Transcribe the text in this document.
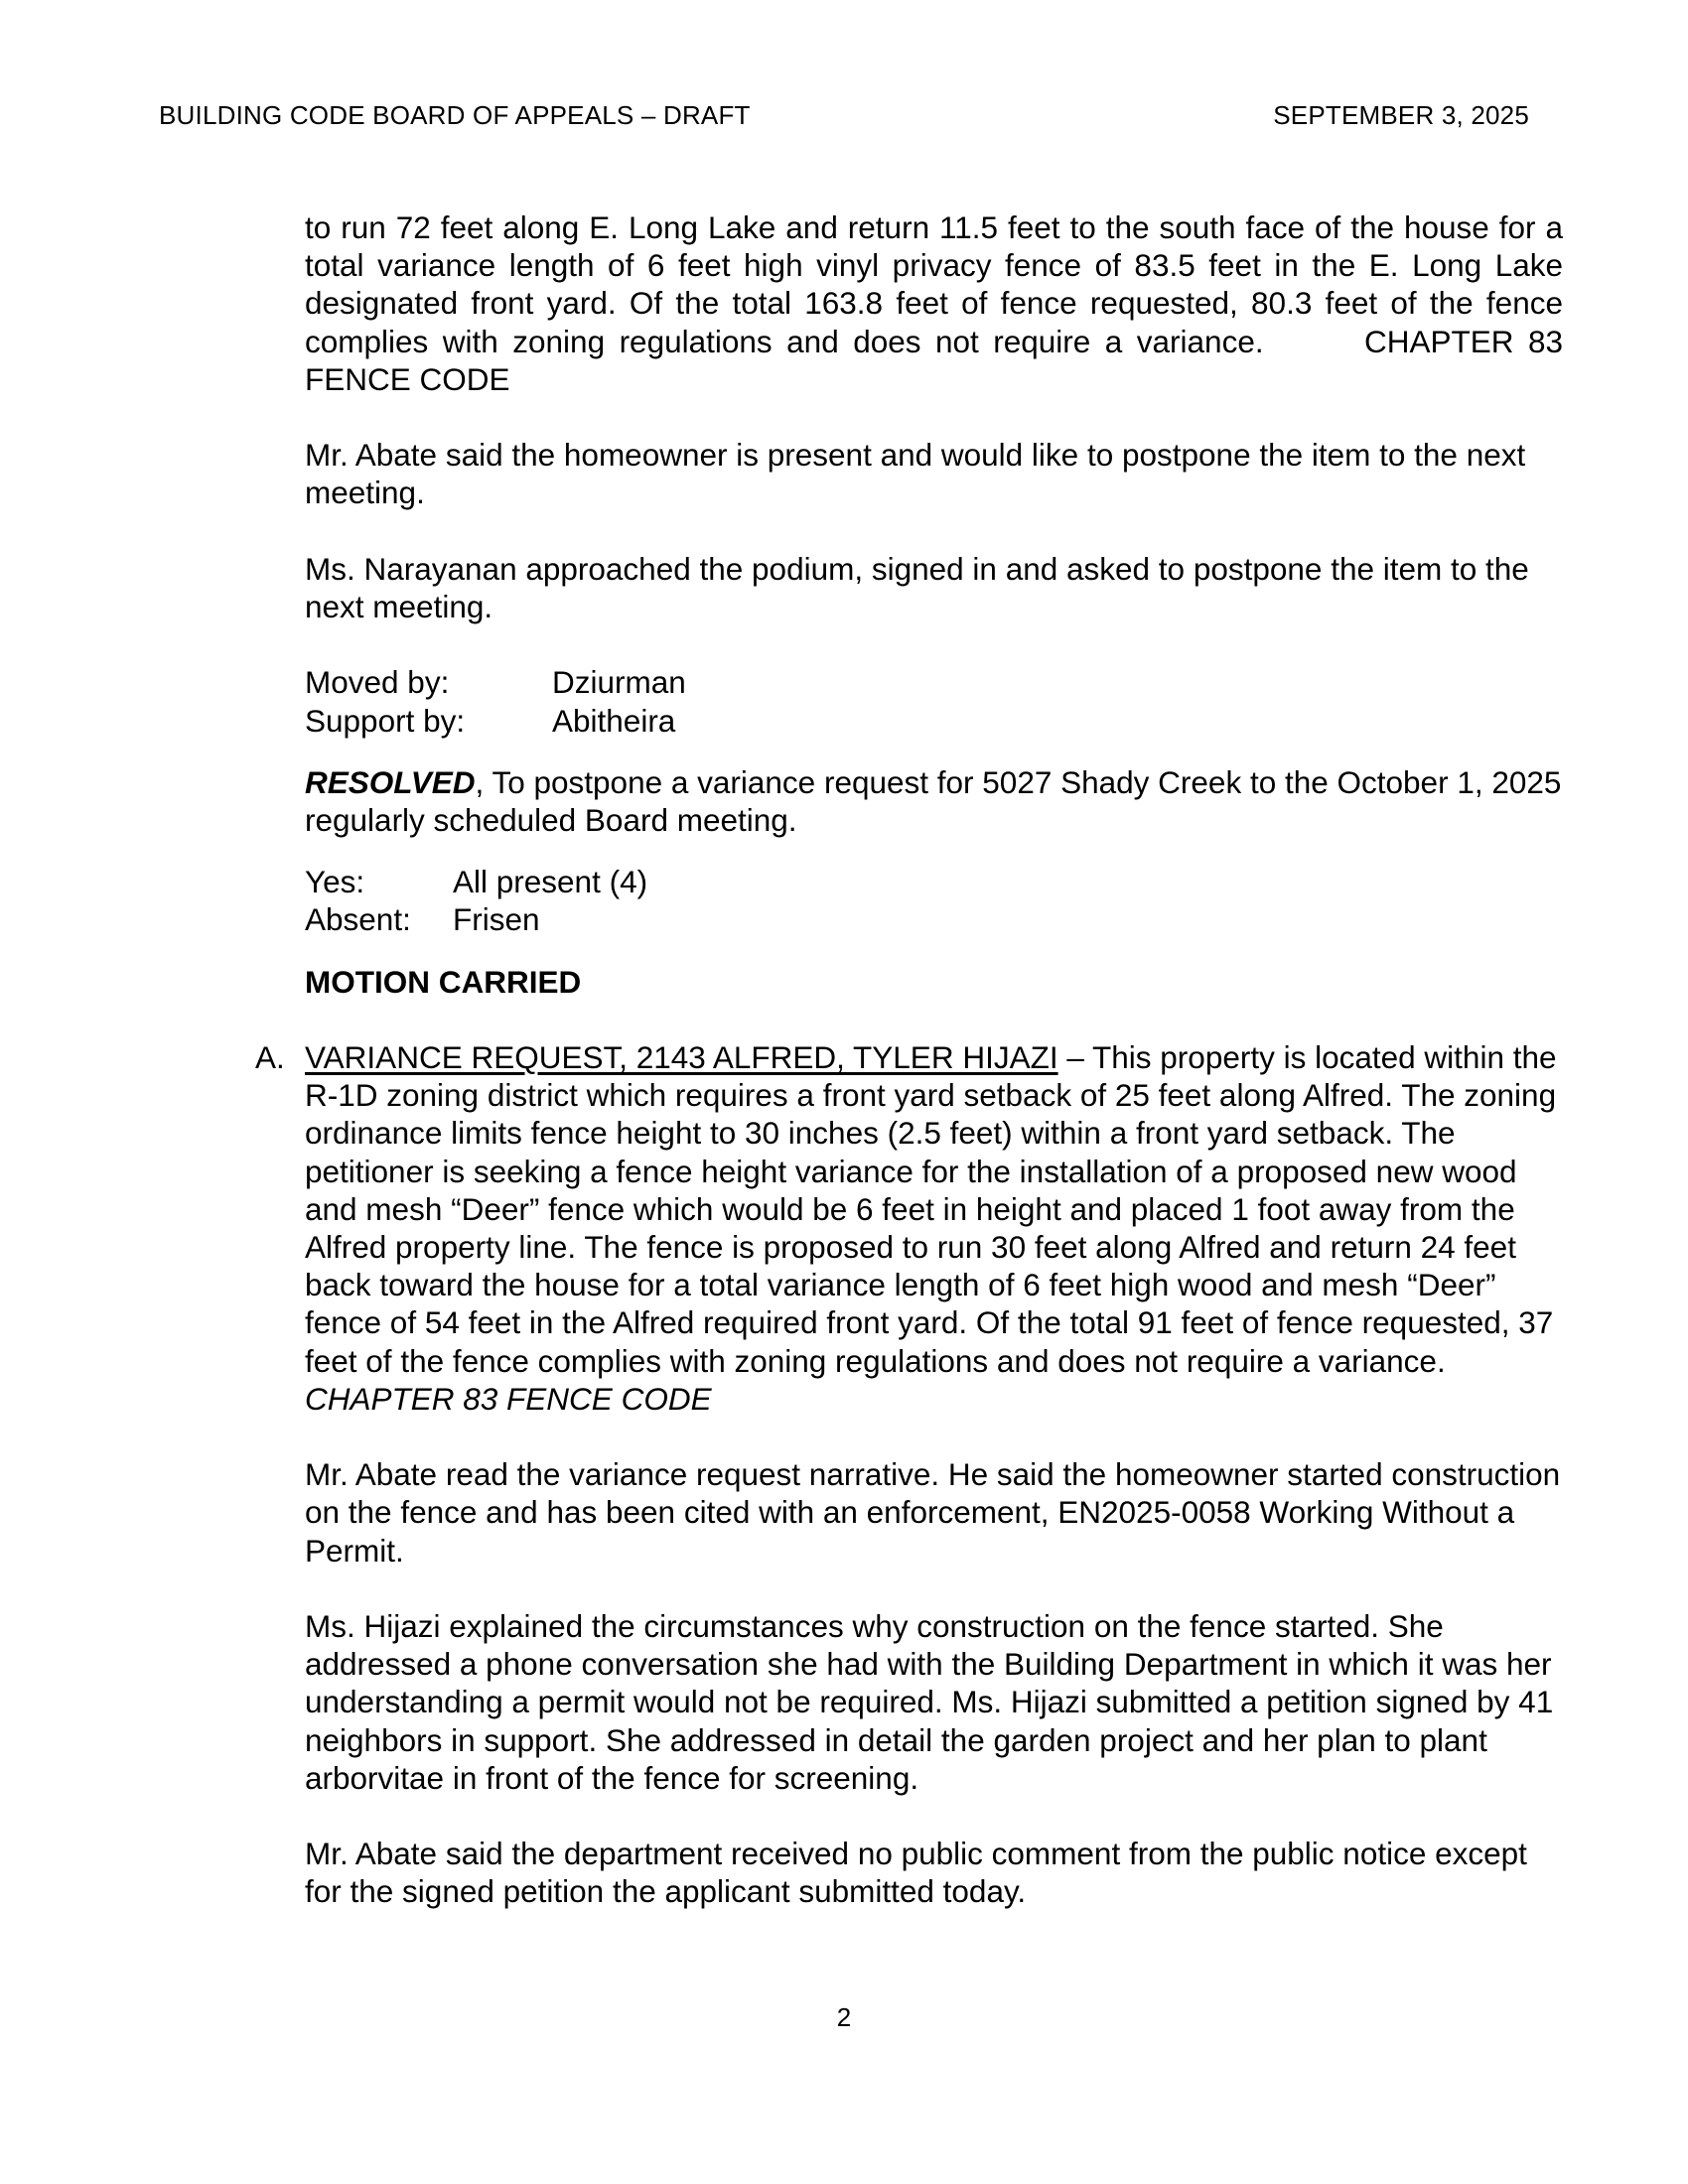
BUILDING CODE BOARD OF APPEALS – DRAFT	SEPTEMBER 3, 2025

to run 72 feet along E. Long Lake and return 11.5 feet to the south face of the house for a total variance length of 6 feet high vinyl privacy fence of 83.5 feet in the E. Long Lake designated front yard. Of the total 163.8 feet of fence requested, 80.3 feet of the fence complies with zoning regulations and does not require a variance.	CHAPTER 83 FENCE CODE

Mr. Abate said the homeowner is present and would like to postpone the item to the next meeting.

Ms. Narayanan approached the podium, signed in and asked to postpone the item to the next meeting.

Moved by:	Dziurman
Support by:	Abitheira

RESOLVED, To postpone a variance request for 5027 Shady Creek to the October 1, 2025 regularly scheduled Board meeting.

Yes:	All present (4)
Absent:	Frisen

MOTION CARRIED

A. VARIANCE REQUEST, 2143 ALFRED, TYLER HIJAZI – This property is located within the R-1D zoning district which requires a front yard setback of 25 feet along Alfred. The zoning ordinance limits fence height to 30 inches (2.5 feet) within a front yard setback. The petitioner is seeking a fence height variance for the installation of a proposed new wood and mesh “Deer” fence which would be 6 feet in height and placed 1 foot away from the Alfred property line. The fence is proposed to run 30 feet along Alfred and return 24 feet back toward the house for a total variance length of 6 feet high wood and mesh “Deer” fence of 54 feet in the Alfred required front yard. Of the total 91 feet of fence requested, 37 feet of the fence complies with zoning regulations and does not require a variance.      CHAPTER 83 FENCE CODE

Mr. Abate read the variance request narrative. He said the homeowner started construction on the fence and has been cited with an enforcement, EN2025-0058 Working Without a Permit.

Ms. Hijazi explained the circumstances why construction on the fence started. She addressed a phone conversation she had with the Building Department in which it was her understanding a permit would not be required. Ms. Hijazi submitted a petition signed by 41 neighbors in support. She addressed in detail the garden project and her plan to plant arborvitae in front of the fence for screening.

Mr. Abate said the department received no public comment from the public notice except for the signed petition the applicant submitted today.

2
